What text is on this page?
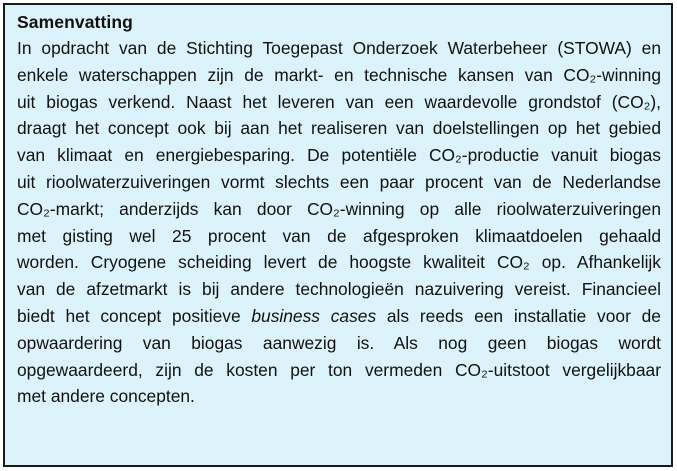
Samenvatting
In opdracht van de Stichting Toegepast Onderzoek Waterbeheer (STOWA) en
enkele waterschappen zijn de markt- en technische kansen van CO₂-winning
uit biogas verkend. Naast het leveren van een waardevolle grondstof (CO₂),
draagt het concept ook bij aan het realiseren van doelstellingen op het gebied
van klimaat en energiebesparing. De potentiële CO₂-productie vanuit biogas
uit rioolwaterzuiveringen vormt slechts een paar procent van de Nederlandse
CO₂-markt; anderzijds kan door CO₂-winning op alle rioolwaterzuiveringen
met gisting wel 25 procent van de afgesproken klimaatdoelen gehaald
worden. Cryogene scheiding levert de hoogste kwaliteit CO₂ op. Afhankelijk
van de afzetmarkt is bij andere technologieën nazuivering vereist. Financieel
biedt het concept positieve business cases als reeds een installatie voor de
opwaardering van biogas aanwezig is. Als nog geen biogas wordt
opgewaardeerd, zijn de kosten per ton vermeden CO₂-uitstoot vergelijkbaar
met andere concepten.
